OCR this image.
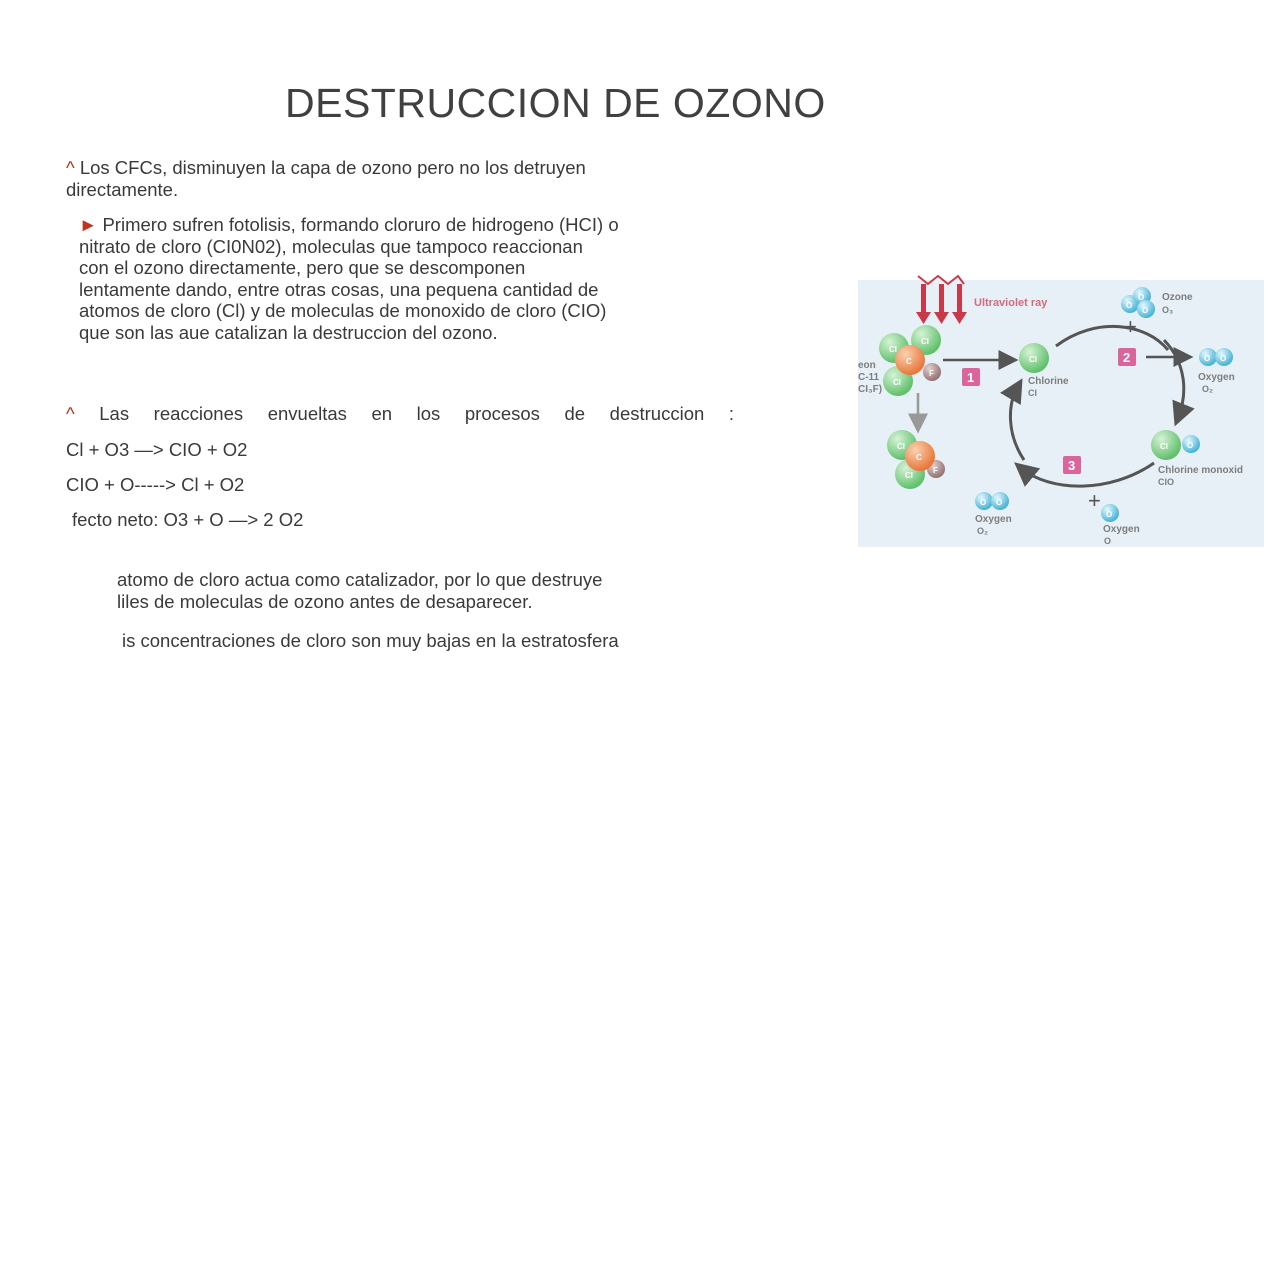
DESTRUCCION DE OZONO
^ Los CFCs, disminuyen la capa de ozono pero no los detruyen
directamente.
► Primero sufren fotolisis, formando cloruro de hidrogeno (HCI) o
nitrato de cloro (CI0N02), moleculas que tampoco reaccionan
con el ozono directamente, pero que se descomponen
lentamente dando, entre otras cosas, una pequena cantidad de
atomos de cloro (Cl) y de moleculas de monoxido de cloro (CIO)
que son las aue catalizan la destruccion del ozono.
^ Las reacciones envueltas en los procesos de destruccion :
Cl + O3 —> CIO + O2
CIO + O-----> Cl + O2
fecto neto: O3 + O —> 2 O2
atomo de cloro actua como catalizador, por lo que destruye
liles de moleculas de ozono antes de desaparecer.
is concentraciones de cloro son muy bajas en la estratosfera
Ultraviolet ray	O
O
O
Ozone
O₃
+
eon
C-11
CI₃F)
Cl
Cl
Cl
F
C
Cl
Cl
F
C
1
Cl
Chlorine
Cl
2	O O
Oxygen
O₂
Cl O
Chlorine monoxid
ClO
3
O O
Oxygen
O₂
+
O
Oxygen
O
